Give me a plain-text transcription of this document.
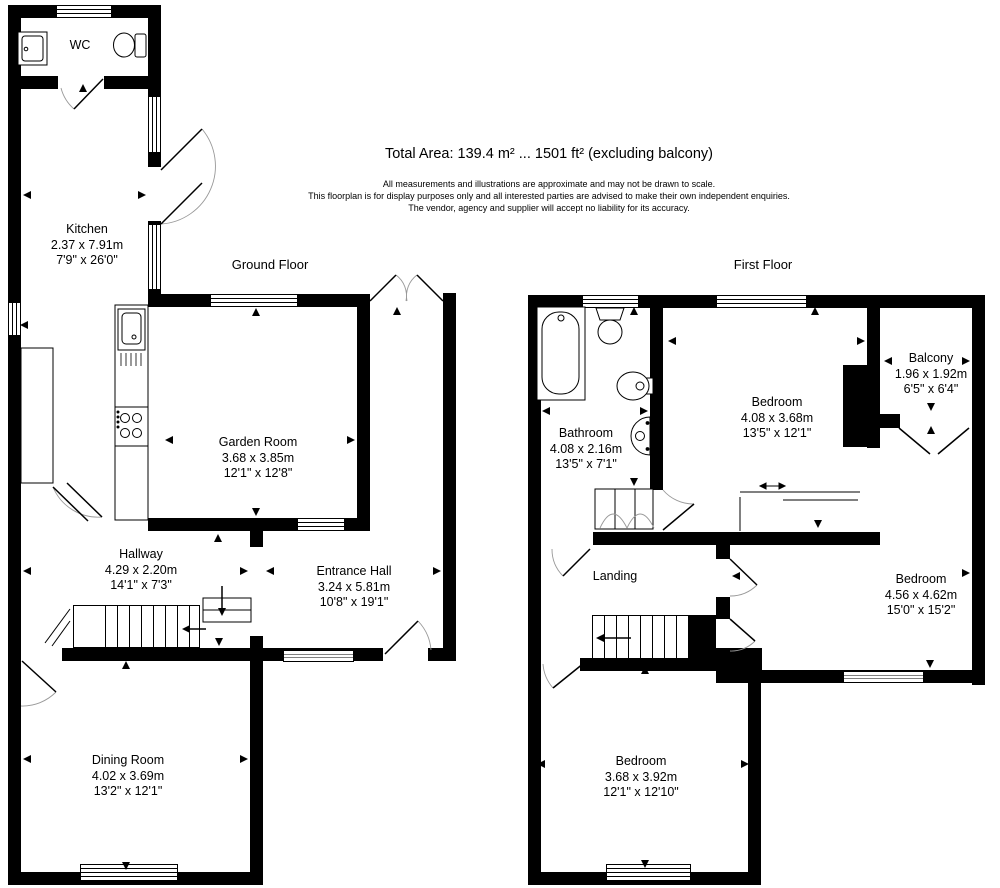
Total Area: 139.4 m² ... 1501 ft² (excluding balcony)
All measurements and illustrations are approximate and may not be drawn to scale.
This floorplan is for display purposes only and all interested parties are advised to make their own independent enquiries.
The vendor, agency and supplier will accept no liability for its accuracy.
Ground Floor	First Floor
WC
Kitchen
2.37 x 7.91m
7'9" x 26'0"
Garden Room
3.68 x 3.85m
12'1" x 12'8"
Hallway
4.29 x 2.20m
14'1" x 7'3"
Entrance Hall
3.24 x 5.81m
10'8" x 19'1"
Dining Room
4.02 x 3.69m
13'2" x 12'1"
Bathroom
4.08 x 2.16m
13'5" x 7'1"
Bedroom
4.08 x 3.68m
13'5" x 12'1"
Balcony
1.96 x 1.92m
6'5" x 6'4"
Bedroom
4.56 x 4.62m
15'0" x 15'2"
Landing
Bedroom
3.68 x 3.92m
12'1" x 12'10"
